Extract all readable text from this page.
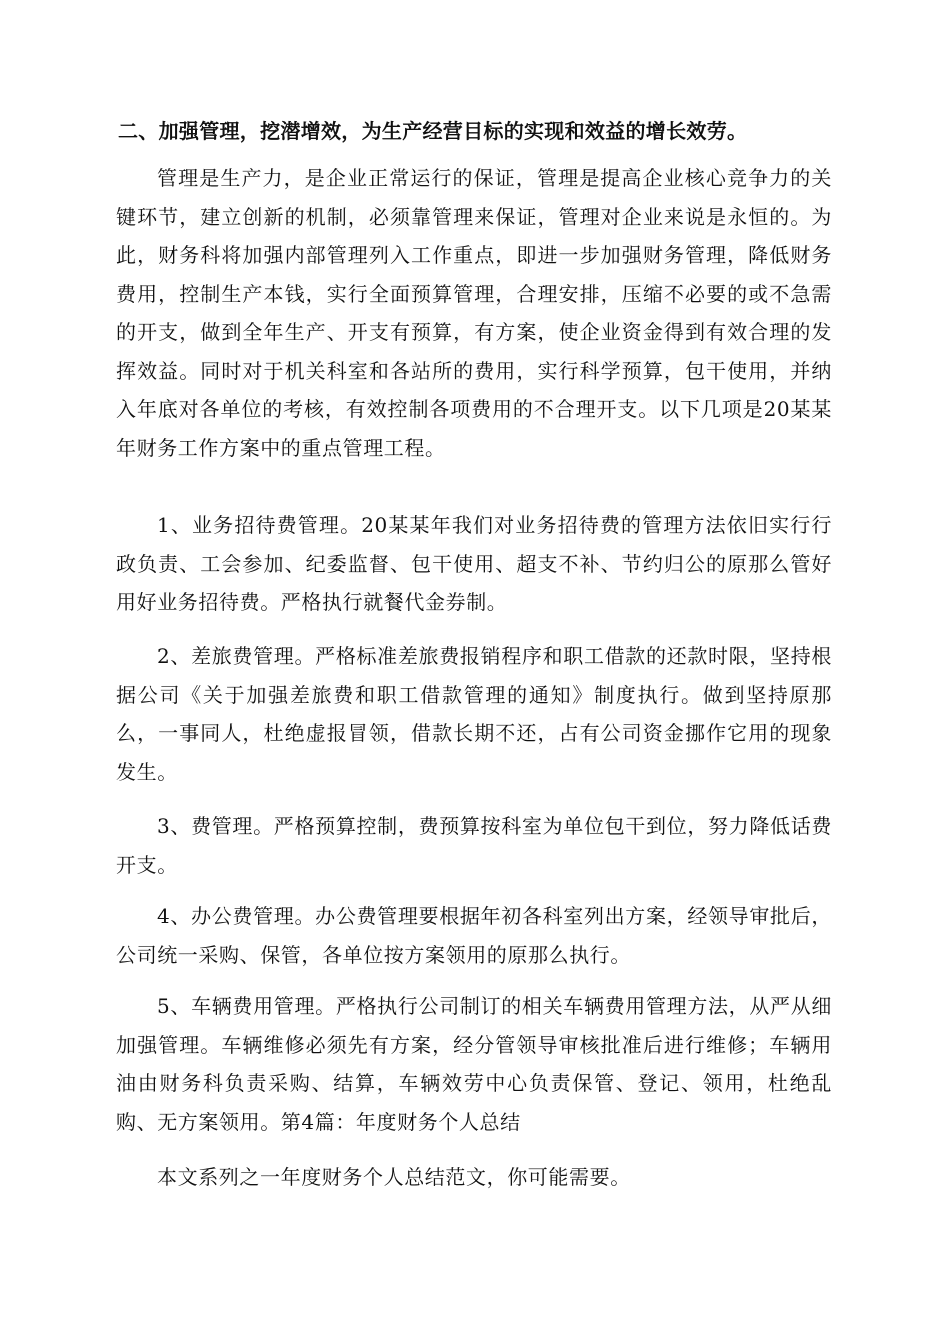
二、加强管理，挖潜增效，为生产经营目标的实现和效益的增长效劳。

管理是生产力，是企业正常运行的保证，管理是提高企业核心竞争力的关键环节，建立创新的机制，必须靠管理来保证，管理对企业来说是永恒的。为此，财务科将加强内部管理列入工作重点，即进一步加强财务管理，降低财务费用，控制生产本钱，实行全面预算管理，合理安排，压缩不必要的或不急需的开支，做到全年生产、开支有预算，有方案，使企业资金得到有效合理的发挥效益。同时对于机关科室和各站所的费用，实行科学预算，包干使用，并纳入年底对各单位的考核，有效控制各项费用的不合理开支。以下几项是20某某年财务工作方案中的重点管理工程。

1、业务招待费管理。20某某年我们对业务招待费的管理方法依旧实行行政负责、工会参加、纪委监督、包干使用、超支不补、节约归公的原那么管好用好业务招待费。严格执行就餐代金券制。

2、差旅费管理。严格标准差旅费报销程序和职工借款的还款时限，坚持根据公司《关于加强差旅费和职工借款管理的通知》制度执行。做到坚持原那么，一事同人，杜绝虚报冒领，借款长期不还，占有公司资金挪作它用的现象发生。

3、费管理。严格预算控制，费预算按科室为单位包干到位，努力降低话费开支。

4、办公费管理。办公费管理要根据年初各科室列出方案，经领导审批后，公司统一采购、保管，各单位按方案领用的原那么执行。

5、车辆费用管理。严格执行公司制订的相关车辆费用管理方法，从严从细加强管理。车辆维修必须先有方案，经分管领导审核批准后进行维修；车辆用油由财务科负责采购、结算，车辆效劳中心负责保管、登记、领用，杜绝乱购、无方案领用。第4篇：年度财务个人总结

本文系列之一年度财务个人总结范文，你可能需要。
